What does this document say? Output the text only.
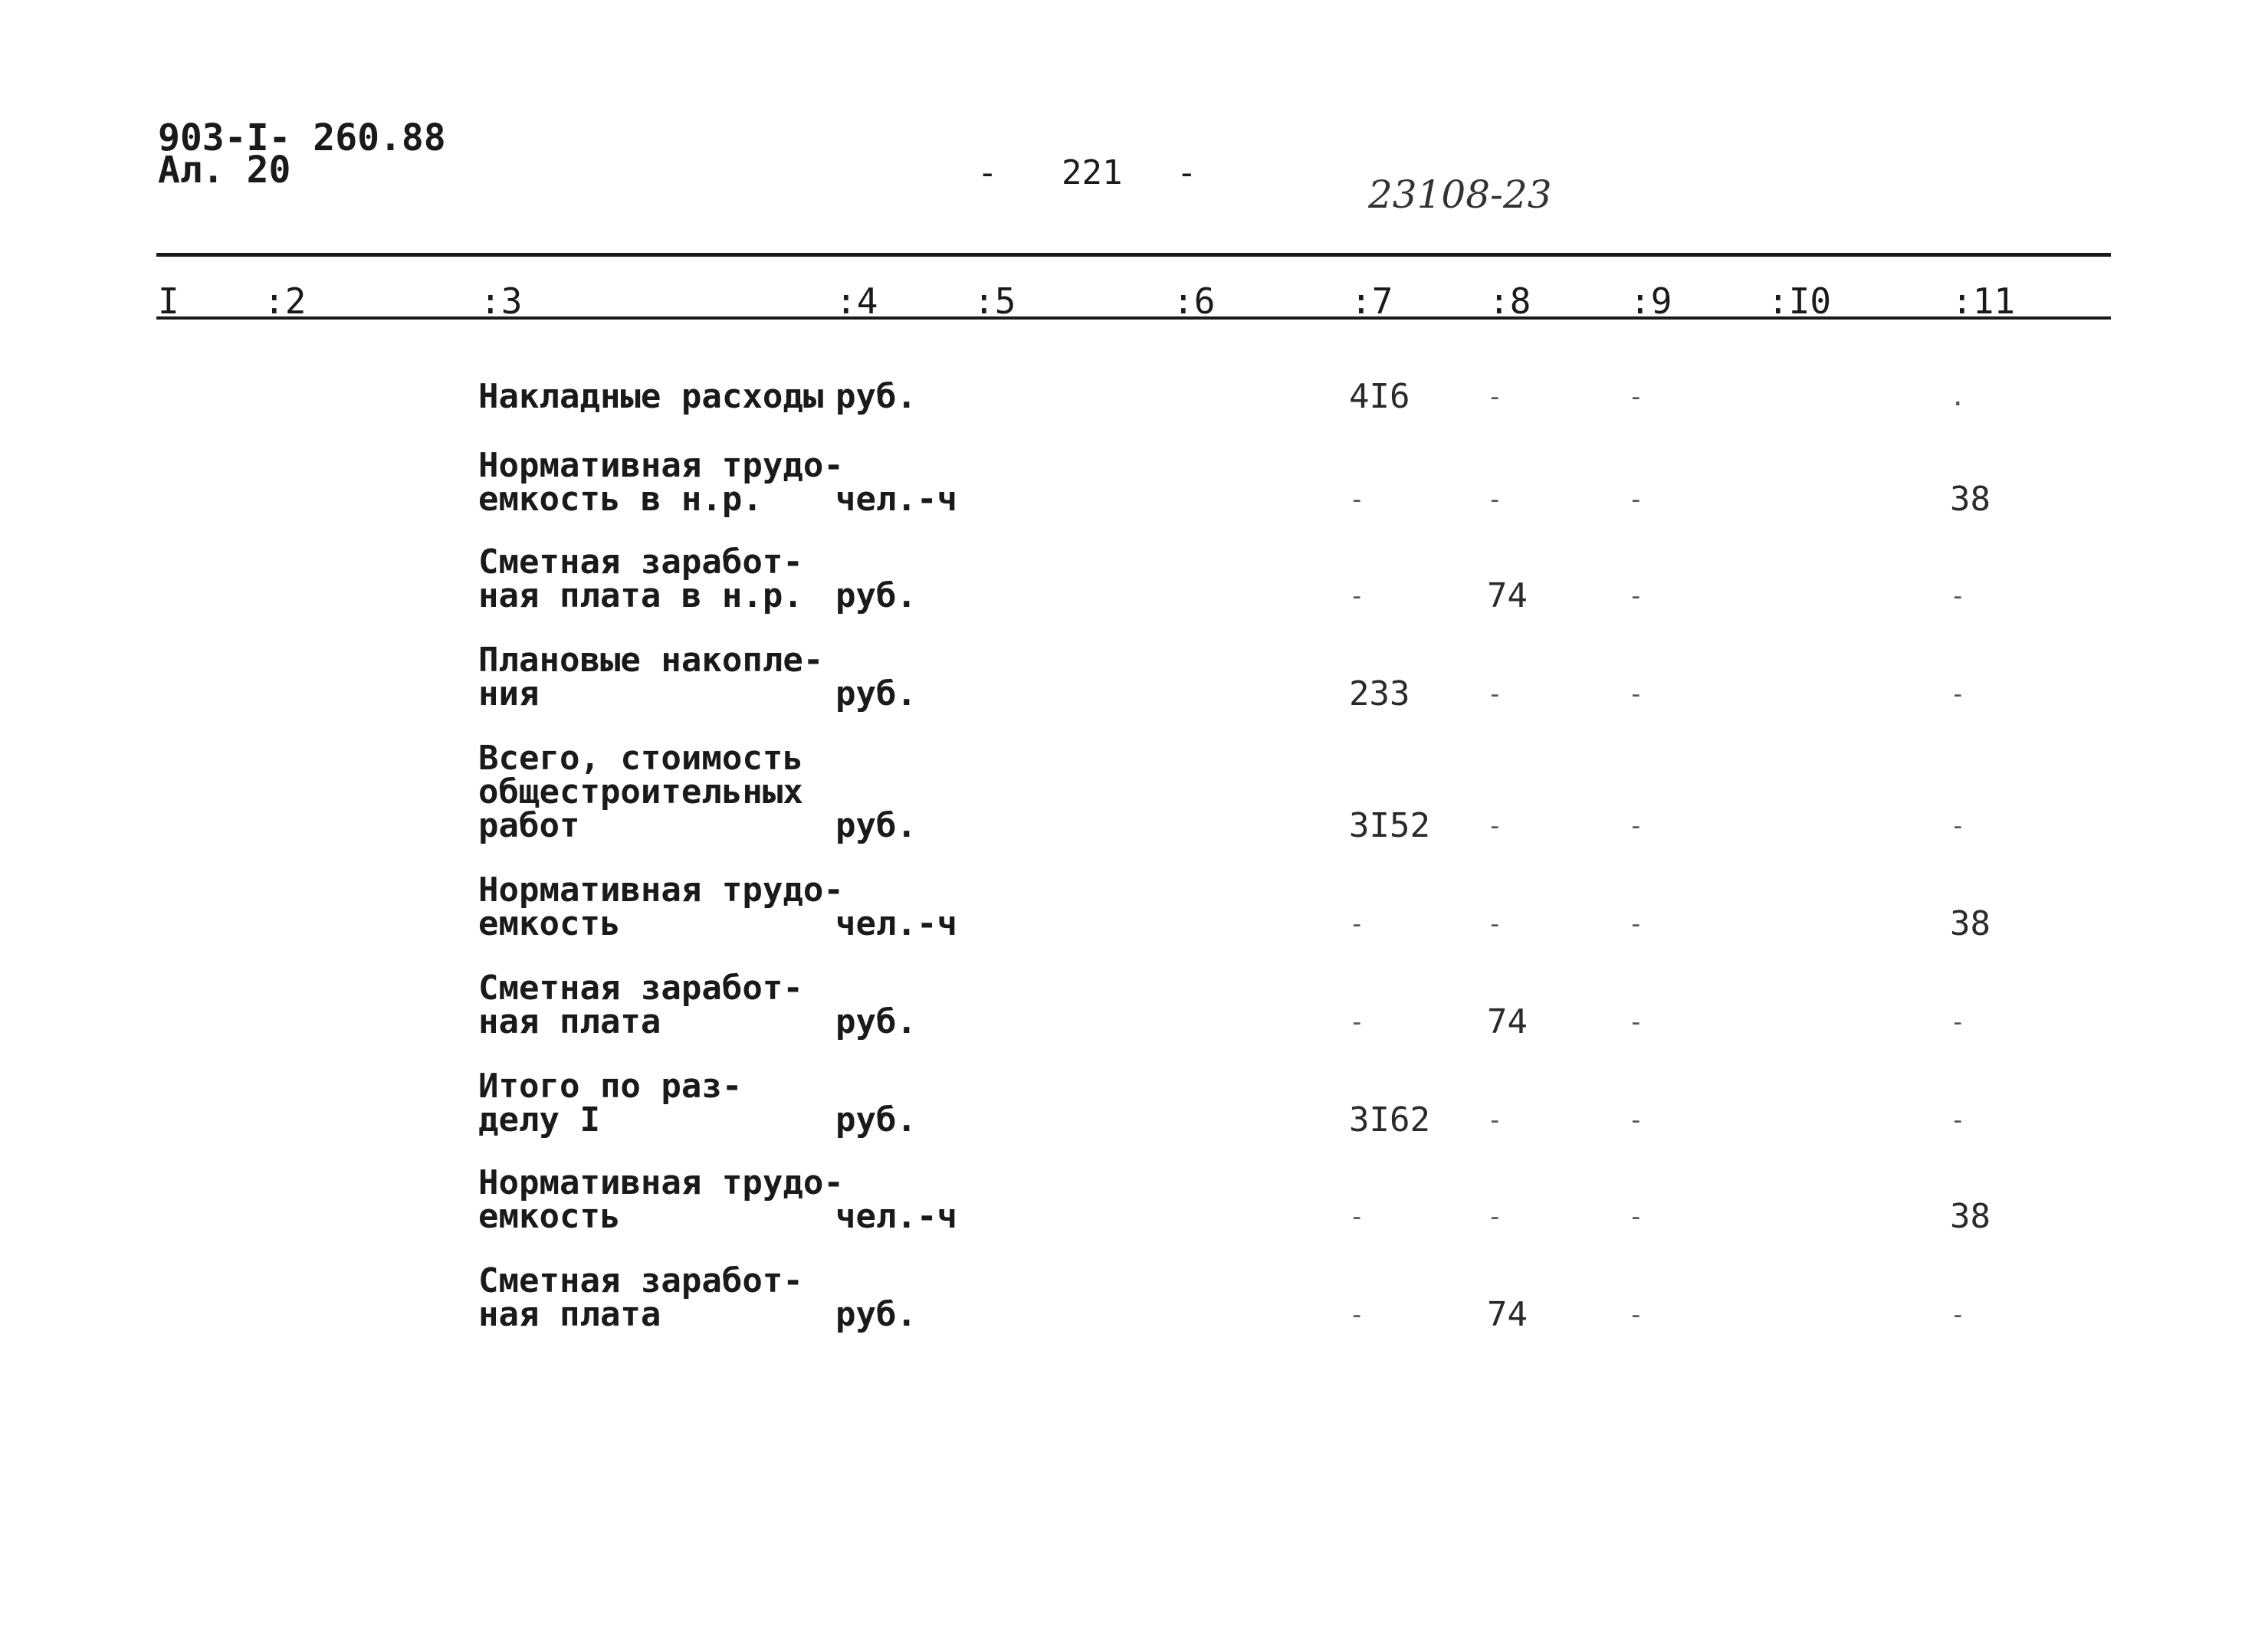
903-I- 260.88
Ал. 20	- 221 -	23108-23
I :2	:3	:4	:5	:6	:7	:8	:9	:I0	:11
Накладные расходы руб.	4I6	-	-	.
Нормативная трудо-
емкость в н.р.	чел.-ч	-	-	-	38
Сметная заработ-
ная плата в н.р. руб.	-	74	-	-
Плановые накопле-
ния	руб.	233	-	-	-
Всего, стоимость
общестроительных
работ	руб.	3I52 -	-	-
Нормативная трудо-
емкость	чел.-ч	-	-	-	38
Сметная заработ-
ная плата	руб.	-	74	-	-
Итого по раз-
делу I	руб.	3I62 -	-	-
Нормативная трудо-
емкость	чел.-ч	-	-	-	38
Сметная заработ-
ная плата	руб.	-	74	-	-
